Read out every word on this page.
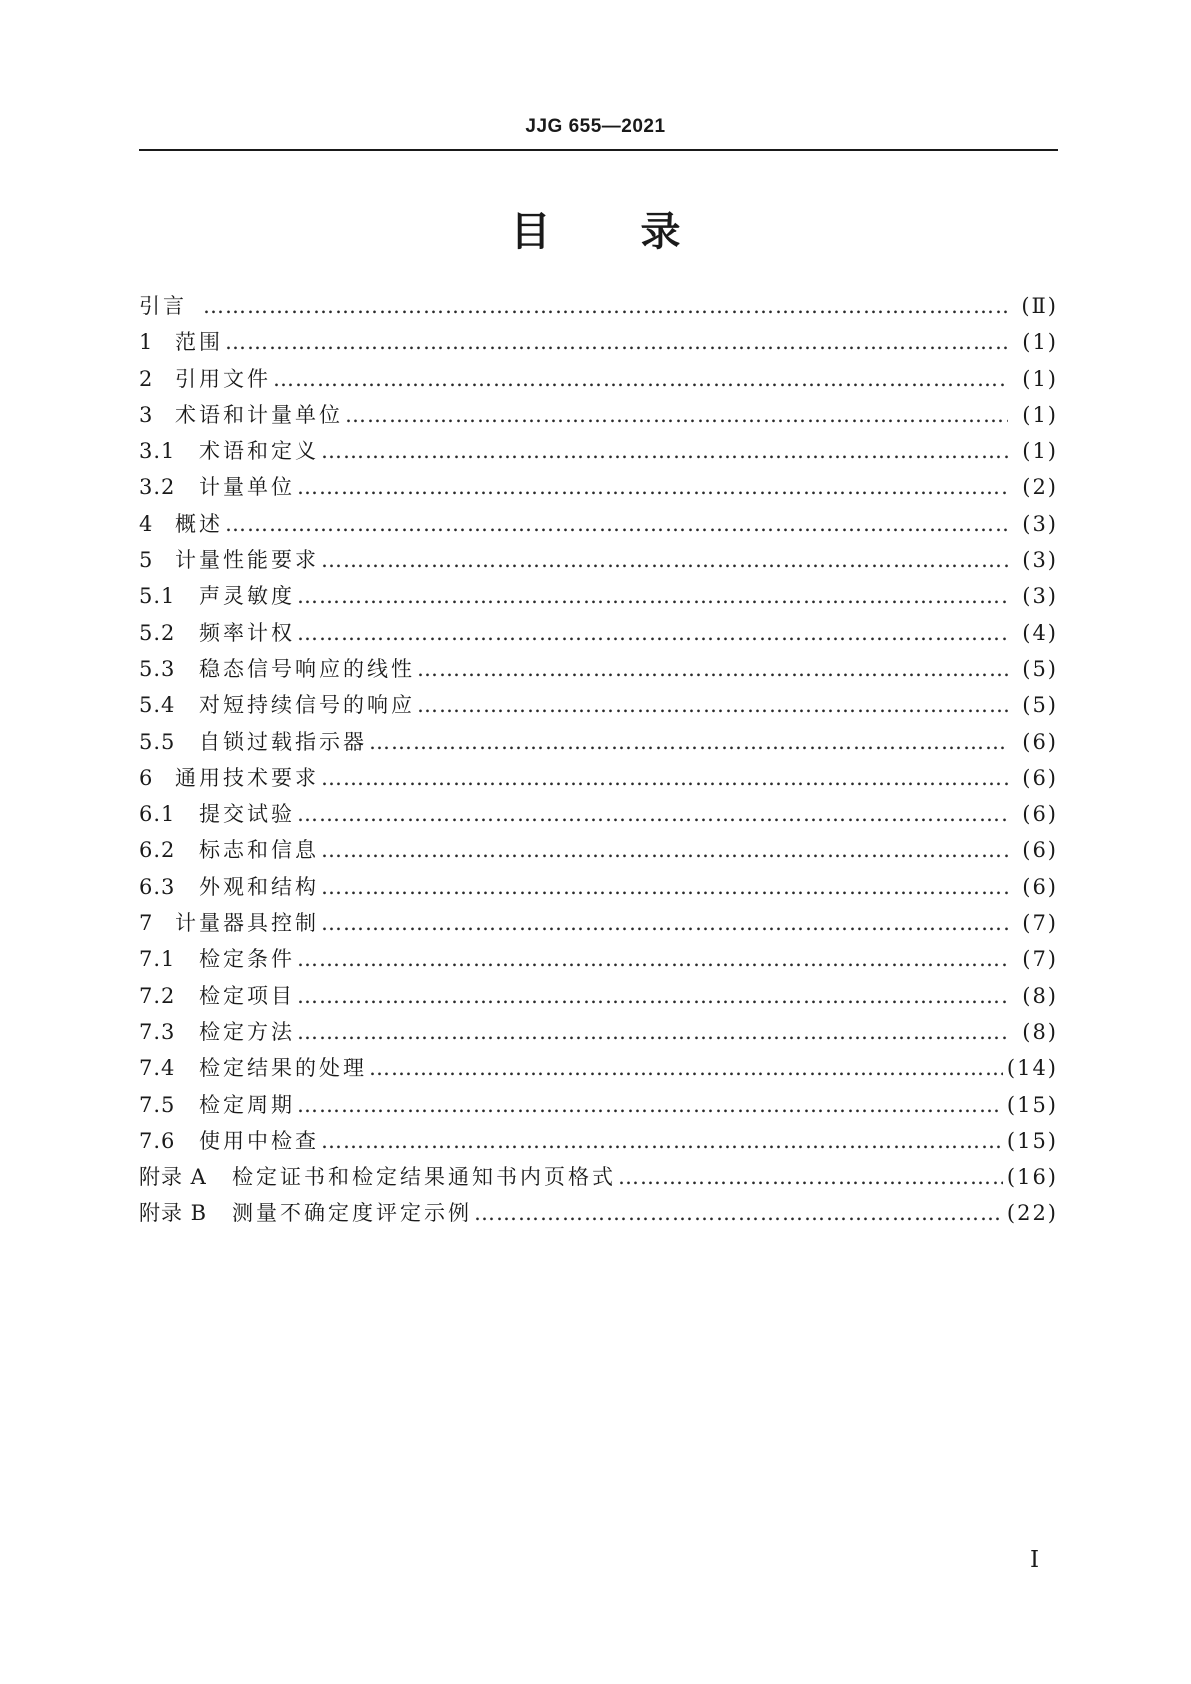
JJG 655—2021
目 录
引言 ……………………………………………………………………………………………………………………………………………………………	(Ⅱ)
1	范围 ……………………………………………………………………………………………………………………………………………………………	(1)
2	引用文件 ……………………………………………………………………………………………………………………………………………………………	(1)
3	术语和计量单位 ……………………………………………………………………………………………………………………………………………………………	(1)
3.1	术语和定义 ……………………………………………………………………………………………………………………………………………………………	(1)
3.2	计量单位 ……………………………………………………………………………………………………………………………………………………………	(2)
4	概述 ……………………………………………………………………………………………………………………………………………………………	(3)
5	计量性能要求 ……………………………………………………………………………………………………………………………………………………………	(3)
5.1	声灵敏度 ……………………………………………………………………………………………………………………………………………………………	(3)
5.2	频率计权 ……………………………………………………………………………………………………………………………………………………………	(4)
5.3	稳态信号响应的线性 ……………………………………………………………………………………………………………………………………………………………	(5)
5.4	对短持续信号的响应 ……………………………………………………………………………………………………………………………………………………………	(5)
5.5	自锁过载指示器 ……………………………………………………………………………………………………………………………………………………………	(6)
6	通用技术要求 ……………………………………………………………………………………………………………………………………………………………	(6)
6.1	提交试验 ……………………………………………………………………………………………………………………………………………………………	(6)
6.2	标志和信息 ……………………………………………………………………………………………………………………………………………………………	(6)
6.3	外观和结构 ……………………………………………………………………………………………………………………………………………………………	(6)
7	计量器具控制 ……………………………………………………………………………………………………………………………………………………………	(7)
7.1	检定条件 ……………………………………………………………………………………………………………………………………………………………	(7)
7.2	检定项目 ……………………………………………………………………………………………………………………………………………………………	(8)
7.3	检定方法 ……………………………………………………………………………………………………………………………………………………………	(8)
7.4	检定结果的处理 ……………………………………………………………………………………………………………………………………………………………	(14)
7.5	检定周期 ……………………………………………………………………………………………………………………………………………………………	(15)
7.6	使用中检查 ……………………………………………………………………………………………………………………………………………………………	(15)
附录 A	检定证书和检定结果通知书内页格式 ……………………………………………………………………………………………………………………………………………………………	(16)
附录 B	测量不确定度评定示例 ……………………………………………………………………………………………………………………………………………………………	(22)
I
